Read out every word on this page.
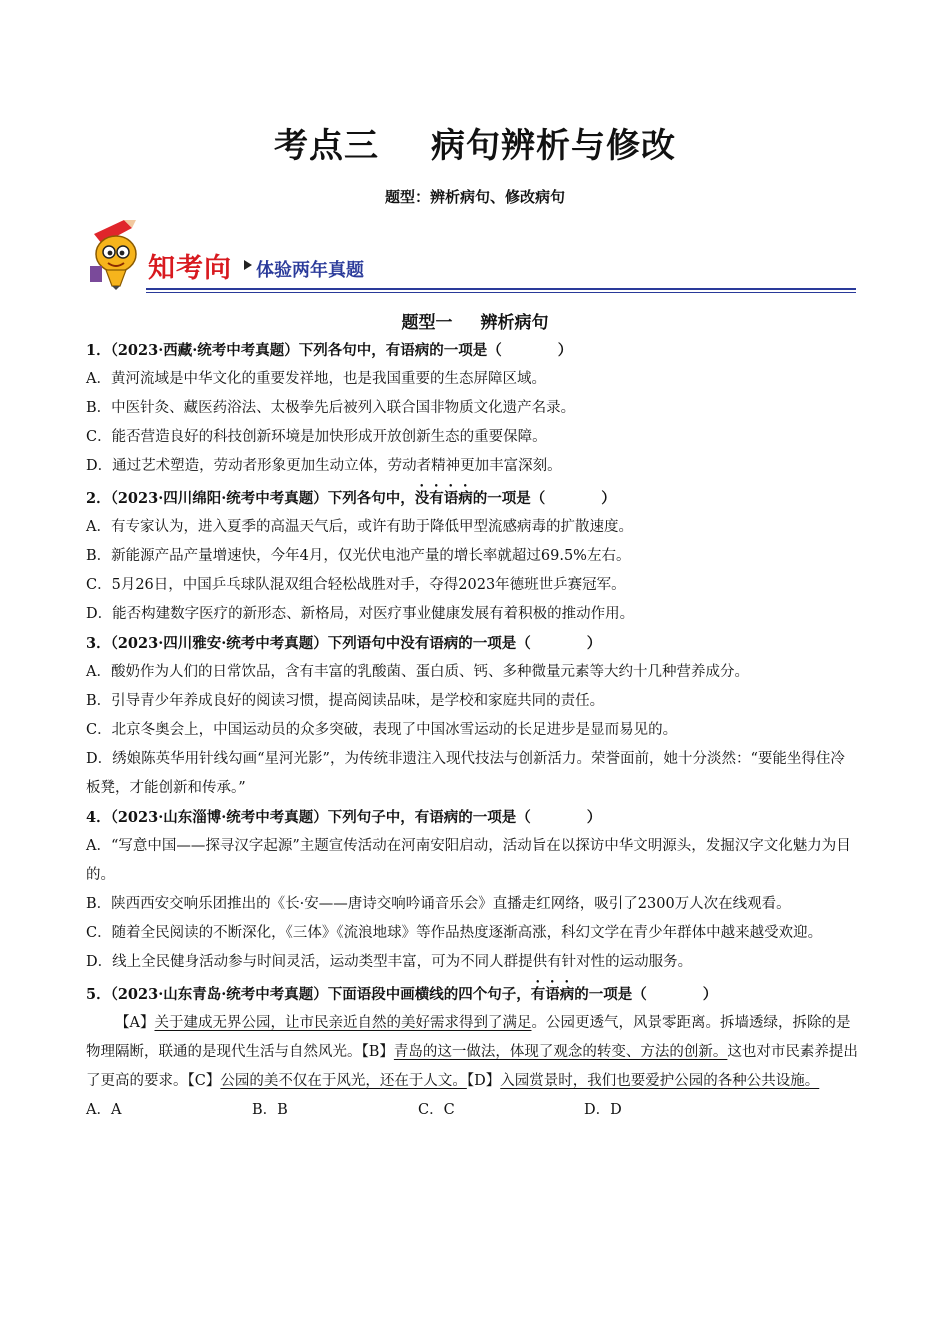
考点三 病句辨析与修改
题型：辨析病句、修改病句
知考向 体验两年真题
题型一 辨析病句
1．（2023·西藏·统考中考真题）下列各句中，有语病的一项是（	）
A．黄河流域是中华文化的重要发祥地，也是我国重要的生态屏障区域。
B．中医针灸、藏医药浴法、太极拳先后被列入联合国非物质文化遗产名录。
C．能否营造良好的科技创新环境是加快形成开放创新生态的重要保障。
D．通过艺术塑造，劳动者形象更加生动立体，劳动者精神更加丰富深刻。
2．（2023·四川绵阳·统考中考真题）下列各句中，没有语病的一项是（	）
A．有专家认为，进入夏季的高温天气后，或许有助于降低甲型流感病毒的扩散速度。
B．新能源产品产量增速快，今年4月，仅光伏电池产量的增长率就超过69.5%左右。
C．5月26日，中国乒乓球队混双组合轻松战胜对手，夺得2023年德班世乒赛冠军。
D．能否构建数字医疗的新形态、新格局，对医疗事业健康发展有着积极的推动作用。
3．（2023·四川雅安·统考中考真题）下列语句中没有语病的一项是（	）
A．酸奶作为人们的日常饮品，含有丰富的乳酸菌、蛋白质、钙、多种微量元素等大约十几种营养成分。
B．引导青少年养成良好的阅读习惯，提高阅读品味，是学校和家庭共同的责任。
C．北京冬奥会上，中国运动员的众多突破，表现了中国冰雪运动的长足进步是显而易见的。
D．绣娘陈英华用针线勾画“星河光影”，为传统非遗注入现代技法与创新活力。荣誉面前，她十分淡然：“要能坐得住冷板凳，才能创新和传承。”
4．（2023·山东淄博·统考中考真题）下列句子中，有语病的一项是（	）
A．“写意中国——探寻汉字起源”主题宣传活动在河南安阳启动，活动旨在以探访中华文明源头，发掘汉字文化魅力为目的。
B．陕西西安交响乐团推出的《长·安——唐诗交响吟诵音乐会》直播走红网络，吸引了2300万人次在线观看。
C．随着全民阅读的不断深化，《三体》《流浪地球》等作品热度逐渐高涨，科幻文学在青少年群体中越来越受欢迎。
D．线上全民健身活动参与时间灵活，运动类型丰富，可为不同人群提供有针对性的运动服务。
5．（2023·山东青岛·统考中考真题）下面语段中画横线的四个句子，有语病的一项是（	）
【A】关于建成无界公园，让市民亲近自然的美好需求得到了满足。公园更透气，风景零距离。拆墙透绿，拆除的是物理隔断，联通的是现代生活与自然风光。【B】青岛的这一做法，体现了观念的转变、方法的创新。这也对市民素养提出了更高的要求。【C】公园的美不仅在于风光，还在于人文。【D】入园赏景时，我们也要爱护公园的各种公共设施。
A．A	B．B	C．C	D．D
